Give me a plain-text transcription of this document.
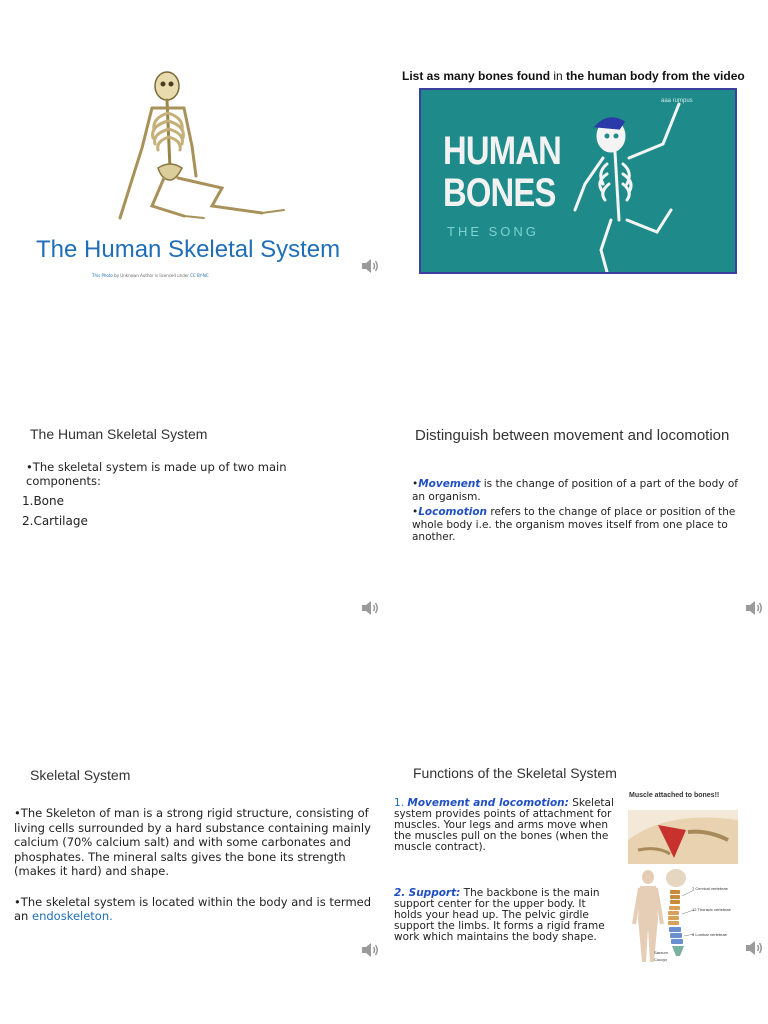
The Human Skeletal System
This Photo by Unknown Author is licensed under CC BY-NC
List as many bones found in the human body from the video
aaa rumpus
HUMAN
BONES
THE SONG
The Human Skeletal System
•The skeletal system is made up of two main components:
1.Bone
2.Cartilage
Distinguish between movement and locomotion
•Movement is the change of position of a part of the body of an organism.
•Locomotion refers to the change of place or position of the whole body i.e. the organism moves itself from one place to another.
Skeletal System
•The Skeleton of man is a strong rigid structure, consisting of living cells surrounded by a hard substance containing mainly calcium (70% calcium salt) and with some carbonates and phosphates. The mineral salts gives the bone its strength (makes it hard) and shape.
•The skeletal system is located within the body and is termed an endoskeleton.
Functions of the Skeletal System
1. Movement and locomotion: Skeletal system provides points of attachment for muscles. Your legs and arms move when the muscles pull on the bones (when the muscle contract).
2. Support: The backbone is the main support center for the upper body. It holds your head up. The pelvic girdle support the limbs. It forms a rigid frame work which maintains the body shape.
Muscle attached to bones!!
7 Cervical vertebrae
12 Thoracic vertebrae
5 Lumbar vertebrae
Sacrum
Coccyx
